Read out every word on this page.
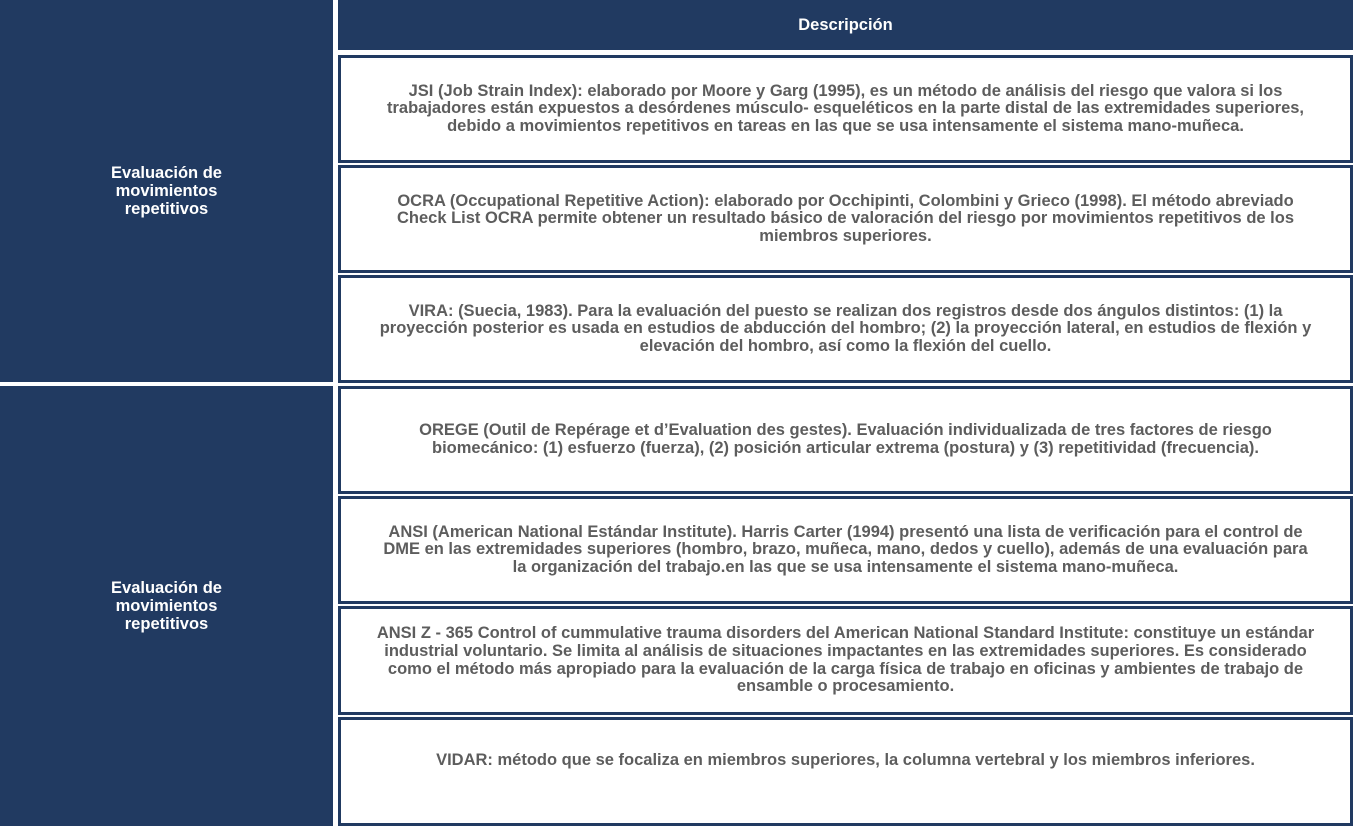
Evaluación de movimientos repetitivos
Evaluación de movimientos repetitivos
Descripción
JSI (Job Strain Index): elaborado por Moore y Garg (1995), es un método de análisis del riesgo que valora si los trabajadores están expuestos a desórdenes músculo- esqueléticos en la parte distal de las extremidades superiores, debido a movimientos repetitivos en tareas en las que se usa intensamente el sistema mano-muñeca.
OCRA (Occupational Repetitive Action): elaborado por Occhipinti, Colombini y Grieco (1998). El método abreviado Check List OCRA permite obtener un resultado básico de valoración del riesgo por movimientos repetitivos de los miembros superiores.
VIRA: (Suecia, 1983). Para la evaluación del puesto se realizan dos registros desde dos ángulos distintos: (1) la proyección posterior es usada en estudios de abducción del hombro; (2) la proyección lateral, en estudios de flexión y elevación del hombro, así como la flexión del cuello.
OREGE (Outil de Repérage et d’Evaluation des gestes). Evaluación individualizada de tres factores de riesgo biomecánico: (1) esfuerzo (fuerza), (2) posición articular extrema (postura) y (3) repetitividad (frecuencia).
ANSI (American National Estándar Institute). Harris Carter (1994) presentó una lista de verificación para el control de DME en las extremidades superiores (hombro, brazo, muñeca, mano, dedos y cuello), además de una evaluación para la organización del trabajo.en las que se usa intensamente el sistema mano-muñeca.
ANSI Z - 365 Control of cummulative trauma disorders del American National Standard Institute: constituye un estándar industrial voluntario. Se limita al análisis de situaciones impactantes en las extremidades superiores. Es considerado como el método más apropiado para la evaluación de la carga física de trabajo en oficinas y ambientes de trabajo de ensamble o procesamiento.
VIDAR: método que se focaliza en miembros superiores, la columna vertebral y los miembros inferiores.
